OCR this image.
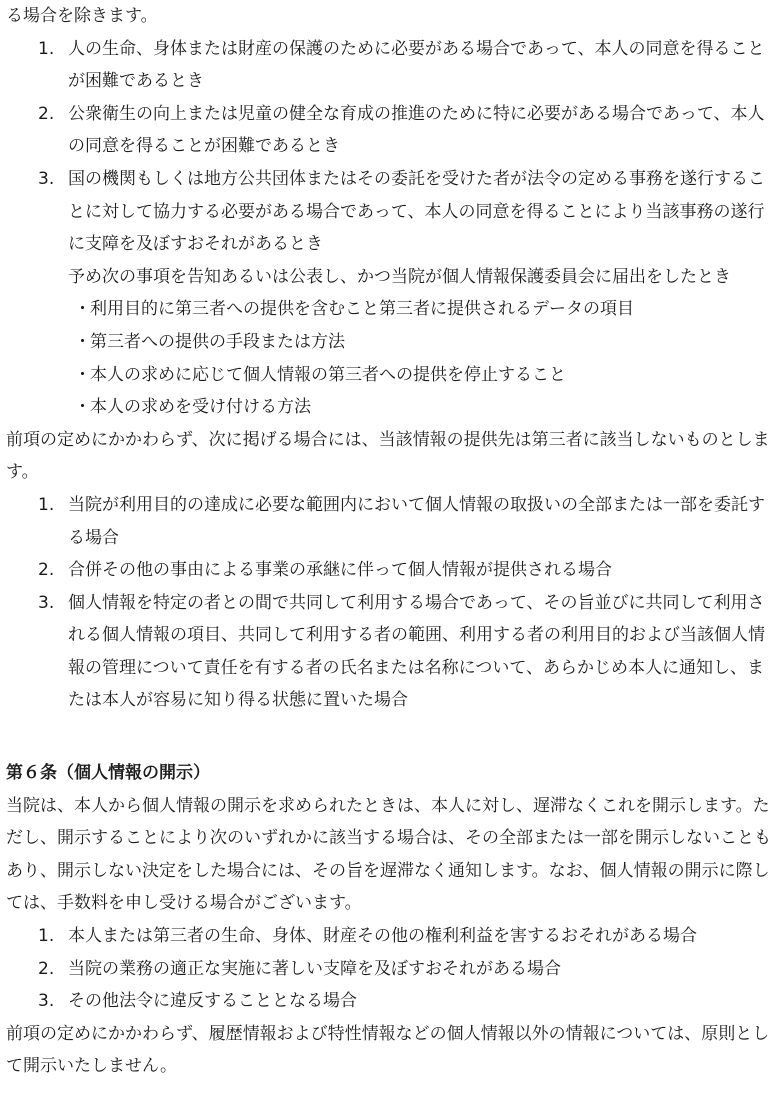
る場合を除きます。

1. 人の生命、身体または財産の保護のために必要がある場合であって、本人の同意を得ることが困難であるとき
2. 公衆衛生の向上または児童の健全な育成の推進のために特に必要がある場合であって、本人の同意を得ることが困難であるとき
3. 国の機関もしくは地方公共団体またはその委託を受けた者が法令の定める事務を遂行することに対して協力する必要がある場合であって、本人の同意を得ることにより当該事務の遂行に支障を及ぼすおそれがあるとき

予め次の事項を告知あるいは公表し、かつ当院が個人情報保護委員会に届出をしたとき

・ 利用目的に第三者への提供を含むこと第三者に提供されるデータの項目
・ 第三者への提供の手段または方法
・ 本人の求めに応じて個人情報の第三者への提供を停止すること
・ 本人の求めを受け付ける方法

前項の定めにかかわらず、次に掲げる場合には、当該情報の提供先は第三者に該当しないものとします。

1. 当院が利用目的の達成に必要な範囲内において個人情報の取扱いの全部または一部を委託する場合
2. 合併その他の事由による事業の承継に伴って個人情報が提供される場合
3. 個人情報を特定の者との間で共同して利用する場合であって、その旨並びに共同して利用される個人情報の項目、共同して利用する者の範囲、利用する者の利用目的および当該個人情報の管理について責任を有する者の氏名または名称について、あらかじめ本人に通知し、または本人が容易に知り得る状態に置いた場合
第６条（個人情報の開示）

当院は、本人から個人情報の開示を求められたときは、本人に対し、遅滞なくこれを開示します。ただし、開示することにより次のいずれかに該当する場合は、その全部または一部を開示しないこともあり、開示しない決定をした場合には、その旨を遅滞なく通知します。なお、個人情報の開示に際しては、手数料を申し受ける場合がございます。

1. 本人または第三者の生命、身体、財産その他の権利利益を害するおそれがある場合
2. 当院の業務の適正な実施に著しい支障を及ぼすおそれがある場合
3. その他法令に違反することとなる場合

前項の定めにかかわらず、履歴情報および特性情報などの個人情報以外の情報については、原則として開示いたしません。
